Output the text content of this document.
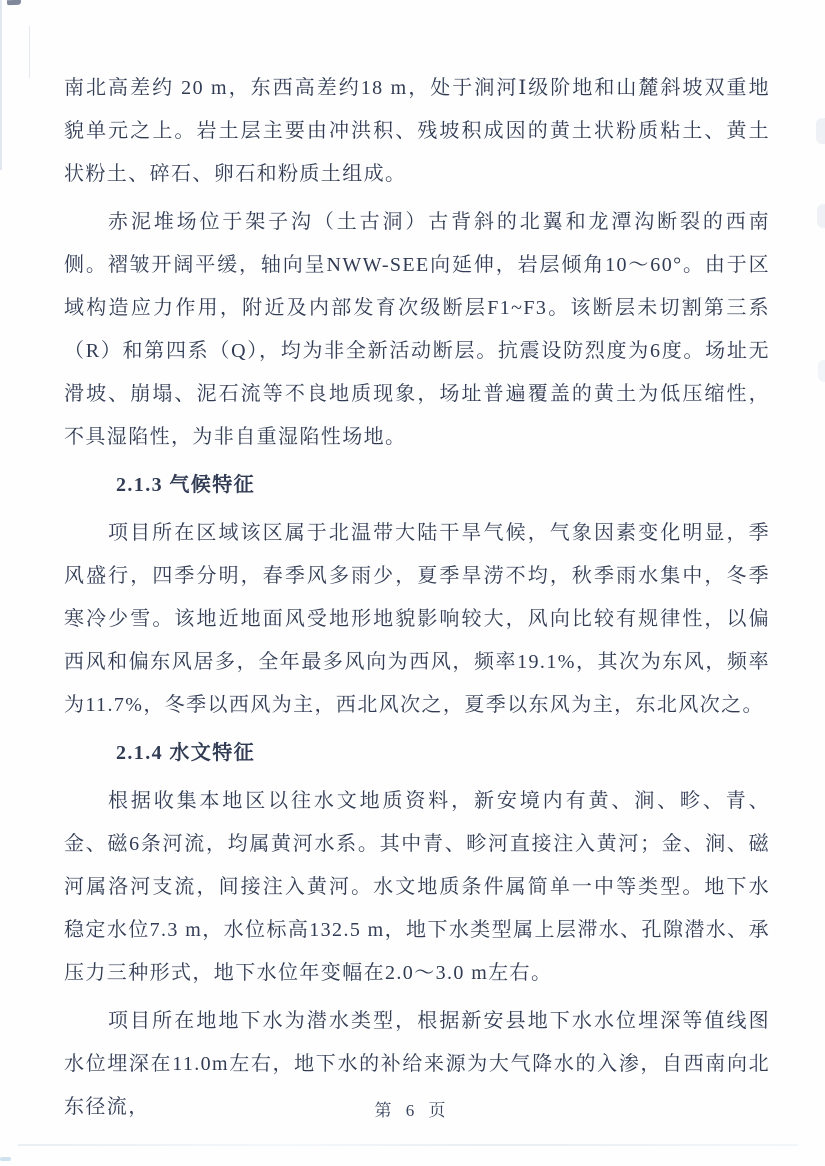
南北高差约 20 m，东西高差约18 m，处于涧河Ⅰ级阶地和山麓斜坡双重地貌单元之上。岩土层主要由冲洪积、残坡积成因的黄土状粉质粘土、黄土状粉土、碎石、卵石和粉质土组成。

赤泥堆场位于架子沟（土古洞）古背斜的北翼和龙潭沟断裂的西南侧。褶皱开阔平缓，轴向呈NWW-SEE向延伸，岩层倾角10～60°。由于区域构造应力作用，附近及内部发育次级断层F1~F3。该断层未切割第三系（R）和第四系（Q），均为非全新活动断层。抗震设防烈度为6度。场址无滑坡、崩塌、泥石流等不良地质现象，场址普遍覆盖的黄土为低压缩性，不具湿陷性，为非自重湿陷性场地。

2.1.3 气候特征

项目所在区域该区属于北温带大陆干旱气候，气象因素变化明显，季风盛行，四季分明，春季风多雨少，夏季旱涝不均，秋季雨水集中，冬季寒冷少雪。该地近地面风受地形地貌影响较大，风向比较有规律性，以偏西风和偏东风居多，全年最多风向为西风，频率19.1%，其次为东风，频率为11.7%，冬季以西风为主，西北风次之，夏季以东风为主，东北风次之。

2.1.4 水文特征

根据收集本地区以往水文地质资料，新安境内有黄、涧、畛、青、金、磁6条河流，均属黄河水系。其中青、畛河直接注入黄河；金、涧、磁河属洛河支流，间接注入黄河。水文地质条件属简单一中等类型。地下水稳定水位7.3 m，水位标高132.5 m，地下水类型属上层滞水、孔隙潜水、承压力三种形式，地下水位年变幅在2.0～3.0 m左右。

项目所在地地下水为潜水类型，根据新安县地下水水位埋深等值线图水位埋深在11.0m左右，地下水的补给来源为大气降水的入渗，自西南向北东径流，	第 6 页
